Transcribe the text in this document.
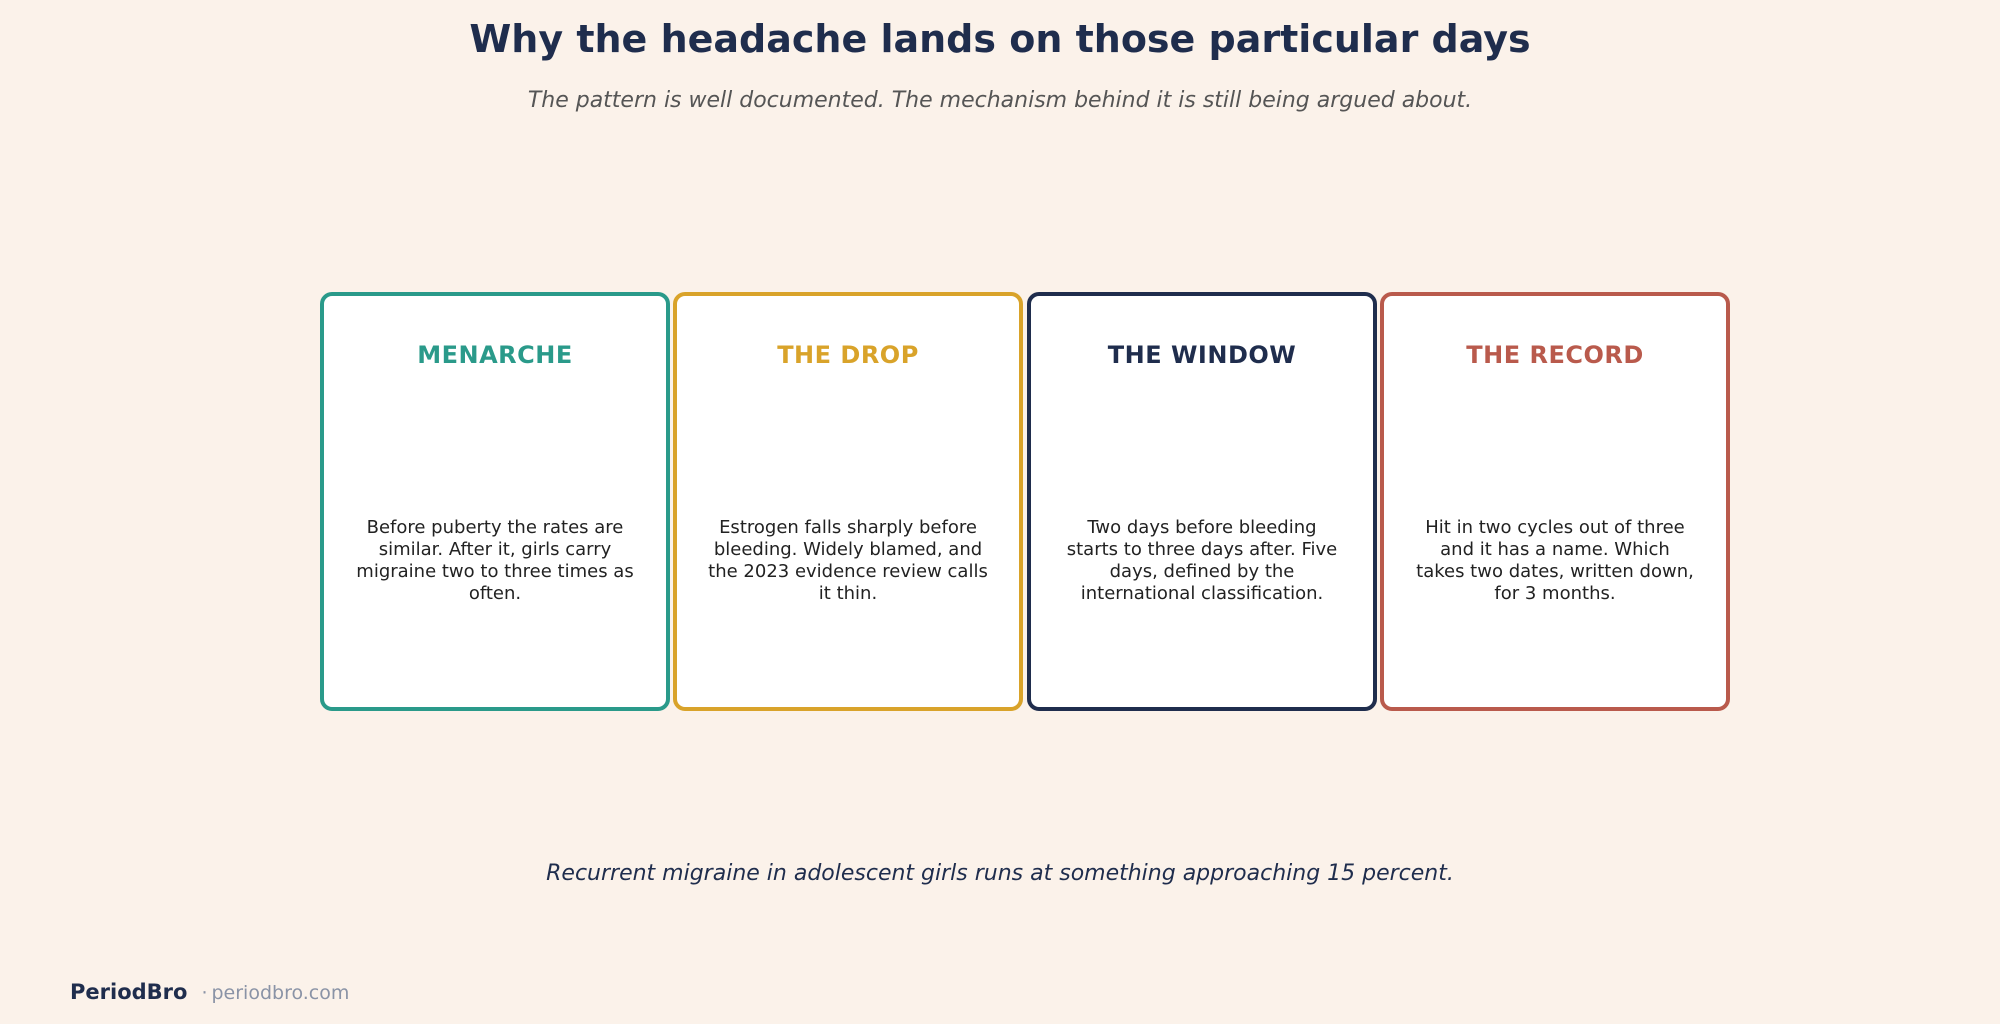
Why the headache lands on those particular days
The pattern is well documented. The mechanism behind it is still being argued about.
MENARCHE
Before puberty the rates are similar. After it, girls carry migraine two to three times as often.
THE DROP
Estrogen falls sharply before bleeding. Widely blamed, and the 2023 evidence review calls it thin.
THE WINDOW
Two days before bleeding starts to three days after. Five days, defined by the international classification.
THE RECORD
Hit in two cycles out of three and it has a name. Which takes two dates, written down, for 3 months.
Recurrent migraine in adolescent girls runs at something approaching 15 percent.
PeriodBro · periodbro.com
